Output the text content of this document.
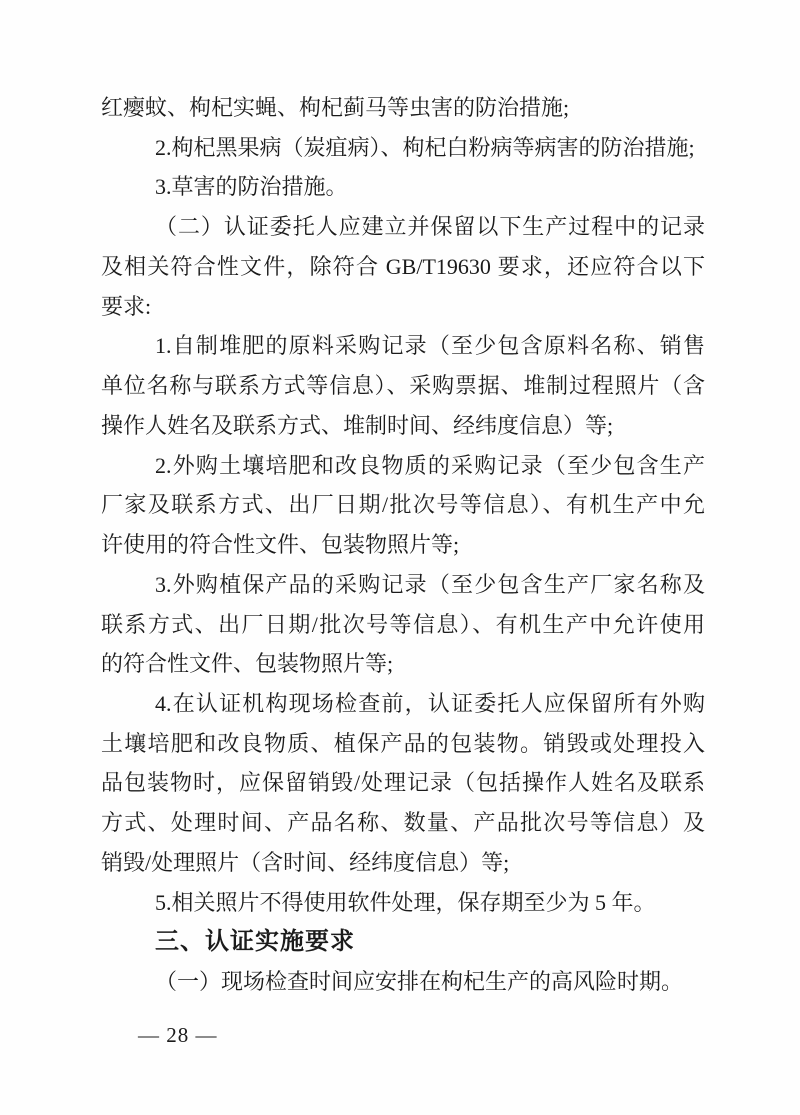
红瘿蚊、枸杞实蝇、枸杞蓟马等虫害的防治措施;
2.枸杞黑果病（炭疽病）、枸杞白粉病等病害的防治措施;
3.草害的防治措施。
（二）认证委托人应建立并保留以下生产过程中的记录
及相关符合性文件，除符合 GB/T19630 要求，还应符合以下
要求:
1.自制堆肥的原料采购记录（至少包含原料名称、销售
单位名称与联系方式等信息）、采购票据、堆制过程照片（含
操作人姓名及联系方式、堆制时间、经纬度信息）等;
2.外购土壤培肥和改良物质的采购记录（至少包含生产
厂家及联系方式、出厂日期/批次号等信息）、有机生产中允
许使用的符合性文件、包装物照片等;
3.外购植保产品的采购记录（至少包含生产厂家名称及
联系方式、出厂日期/批次号等信息）、有机生产中允许使用
的符合性文件、包装物照片等;
4.在认证机构现场检查前，认证委托人应保留所有外购
土壤培肥和改良物质、植保产品的包装物。销毁或处理投入
品包装物时，应保留销毁/处理记录（包括操作人姓名及联系
方式、处理时间、产品名称、数量、产品批次号等信息）及
销毁/处理照片（含时间、经纬度信息）等;
5.相关照片不得使用软件处理，保存期至少为 5 年。
三、认证实施要求
（一）现场检查时间应安排在枸杞生产的高风险时期。
— 28 —
